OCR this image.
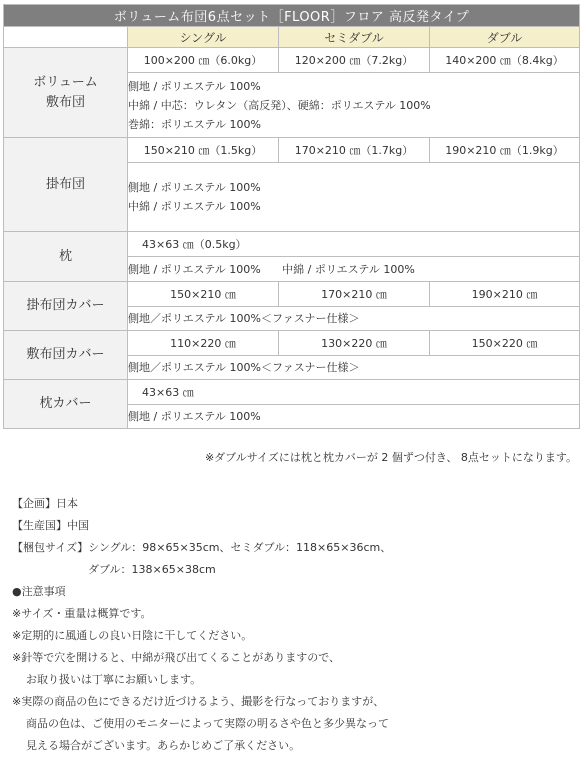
ボリューム布団6点セット［FLOOR］フロア 高反発タイプ			
	シングル	セミダブル	ダブル
ボリューム
敷布団	100×200 ㎝（6.0kg）	120×200 ㎝（7.2kg）	140×200 ㎝（8.4kg）

	側地 / ポリエステル 100%
中綿 / 中芯：ウレタン（高反発）、硬綿：ポリエステル 100%
巻綿：ポリエステル 100%		

掛布団	150×210 ㎝（1.5kg）	170×210 ㎝（1.7kg）	190×210 ㎝（1.9kg）

	側地 / ポリエステル 100%
中綿 / ポリエステル 100%		

枕	43×63 ㎝（0.5kg）		
	側地 / ポリエステル 100% 中綿 / ポリエステル 100%		
掛布団カバー	150×210 ㎝	170×210 ㎝	190×210 ㎝
	側地／ポリエステル 100%＜ファスナー仕様＞		
敷布団カバー	110×220 ㎝	130×220 ㎝	150×220 ㎝
	側地／ポリエステル 100%＜ファスナー仕様＞		
枕カバー	43×63 ㎝		
	側地 / ポリエステル 100%		
※ダブルサイズには枕と枕カバーが 2 個ずつ付き、 8点セットになります。
【企画】日本
【生産国】中国
【梱包サイズ】シングル：98×65×35cm、セミダブル：118×65×36cm、
ダブル：138×65×38cm
●注意事項
※サイズ・重量は概算です。
※定期的に風通しの良い日陰に干してください。
※針等で穴を開けると、中綿が飛び出てくることがありますので、
お取り扱いは丁寧にお願いします。
※実際の商品の色にできるだけ近づけるよう、撮影を行なっておりますが、
商品の色は、ご使用のモニターによって実際の明るさや色と多少異なって
見える場合がございます。あらかじめご了承ください。
